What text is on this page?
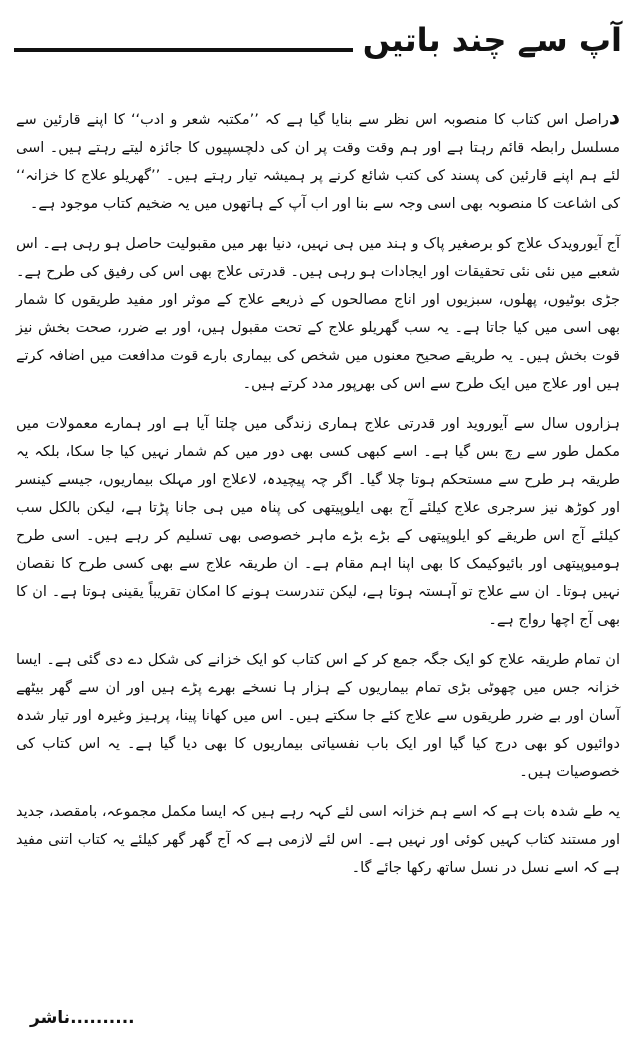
آپ سے چند باتیں

دراصل اس کتاب کا منصوبہ اس نظر سے بنایا گیا ہے کہ ’’مکتبہ شعر و ادب‘‘ کا اپنے قارئین سے مسلسل رابطہ قائم رہتا ہے اور ہم وقت وقت پر ان کی دلچسپیوں کا جائزہ لیتے رہتے ہیں۔ اسی لئے ہم اپنے قارئین کی پسند کی کتب شائع کرنے پر ہمیشہ تیار رہتے ہیں۔ ’’گھریلو علاج کا خزانہ‘‘ کی اشاعت کا منصوبہ بھی اسی وجہ سے بنا اور اب آپ کے ہاتھوں میں یہ ضخیم کتاب موجود ہے۔

آج آیورویدک علاج کو برصغیر پاک و ہند میں ہی نہیں، دنیا بھر میں مقبولیت حاصل ہو رہی ہے۔ اس شعبے میں نئی نئی تحقیقات اور ایجادات ہو رہی ہیں۔ قدرتی علاج بھی اس کی رفیق کی طرح ہے۔ جڑی بوٹیوں، پھلوں، سبزیوں اور اناج مصالحوں کے ذریعے علاج کے موثر اور مفید طریقوں کا شمار بھی اسی میں کیا جاتا ہے۔ یہ سب گھریلو علاج کے تحت مقبول ہیں، اور بے ضرر، صحت بخش نیز قوت بخش ہیں۔ یہ طریقے صحیح معنوں میں شخص کی بیماری بارے قوت مدافعت میں اضافہ کرتے ہیں اور علاج میں ایک طرح سے اس کی بھرپور مدد کرتے ہیں۔

ہزاروں سال سے آیوروید اور قدرتی علاج ہماری زندگی میں چلتا آیا ہے اور ہمارے معمولات میں مکمل طور سے رچ بس گیا ہے۔ اسے کبھی کسی بھی دور میں کم شمار نہیں کیا جا سکا، بلکہ یہ طریقہ ہر طرح سے مستحکم ہوتا چلا گیا۔ اگر چہ پیچیدہ، لاعلاج اور مہلک بیماریوں، جیسے کینسر اور کوڑھ نیز سرجری علاج کیلئے آج بھی ایلوپیتھی کی پناہ میں ہی جانا پڑتا ہے، لیکن بالکل سب کیلئے آج اس طریقے کو ایلوپیتھی کے بڑے بڑے ماہر خصوصی بھی تسلیم کر رہے ہیں۔ اسی طرح ہومیوپیتھی اور بائیوکیمک کا بھی اپنا اہم مقام ہے۔ ان طریقہ علاج سے بھی کسی طرح کا نقصان نہیں ہوتا۔ ان سے علاج تو آہستہ ہوتا ہے، لیکن تندرست ہونے کا امکان تقریباً یقینی ہوتا ہے۔ ان کا بھی آج اچھا رواج ہے۔

ان تمام طریقہ علاج کو ایک جگہ جمع کر کے اس کتاب کو ایک خزانے کی شکل دے دی گئی ہے۔ ایسا خزانہ جس میں چھوٹی بڑی تمام بیماریوں کے ہزار ہا نسخے بھرے پڑے ہیں اور ان سے گھر بیٹھے آسان اور بے ضرر طریقوں سے علاج کئے جا سکتے ہیں۔ اس میں کھانا پینا، پرہیز وغیرہ اور تیار شدہ دوائیوں کو بھی درج کیا گیا اور ایک باب نفسیاتی بیماریوں کا بھی دیا گیا ہے۔ یہ اس کتاب کی خصوصیات ہیں۔

یہ طے شدہ بات ہے کہ اسے ہم خزانہ اسی لئے کہہ رہے ہیں کہ ایسا مکمل مجموعہ، بامقصد، جدید اور مستند کتاب کہیں کوئی اور نہیں ہے۔ اس لئے لازمی ہے کہ آج گھر گھر کیلئے یہ کتاب اتنی مفید ہے کہ اسے نسل در نسل ساتھ رکھا جائے گا۔

ناشر..........
